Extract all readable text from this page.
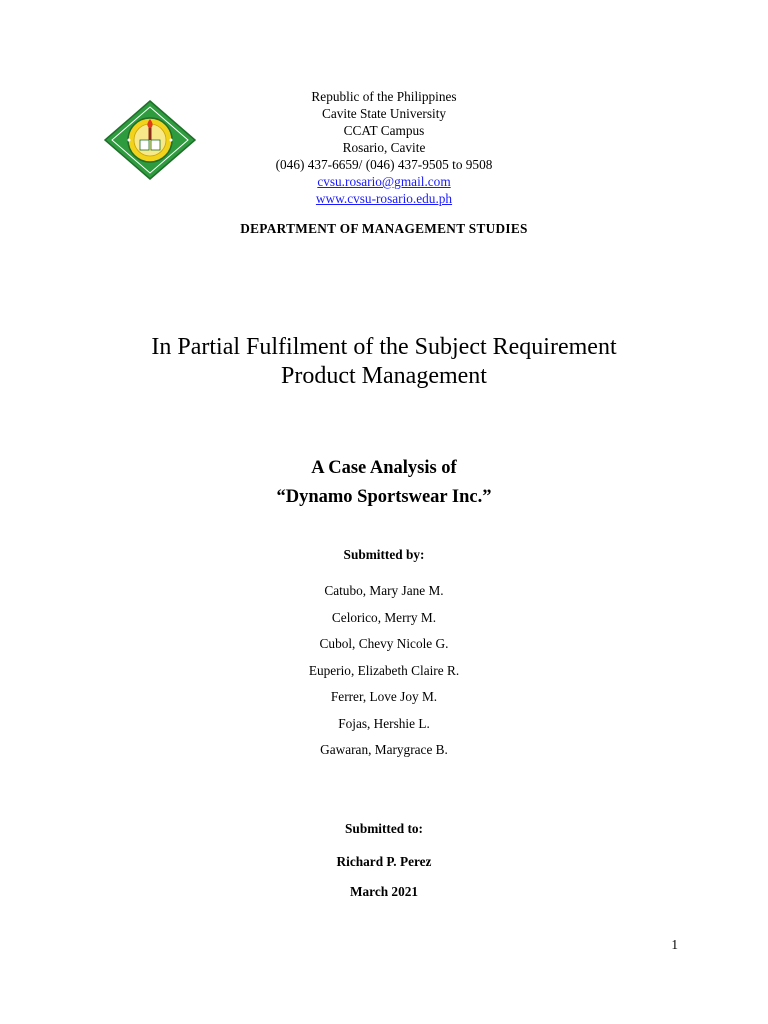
Republic of the Philippines
Cavite State University
CCAT Campus
Rosario, Cavite
(046) 437-6659/ (046) 437-9505 to 9508
cvsu.rosario@gmail.com
www.cvsu-rosario.edu.ph
DEPARTMENT OF MANAGEMENT STUDIES
In Partial Fulfilment of the Subject Requirement
Product Management
A Case Analysis of
“Dynamo Sportswear Inc.”
Submitted by:
Catubo, Mary Jane M.
Celorico, Merry M.
Cubol, Chevy Nicole G.
Euperio, Elizabeth Claire R.
Ferrer, Love Joy M.
Fojas, Hershie L.
Gawaran, Marygrace B.
Submitted to:
Richard P. Perez
March 2021
1
